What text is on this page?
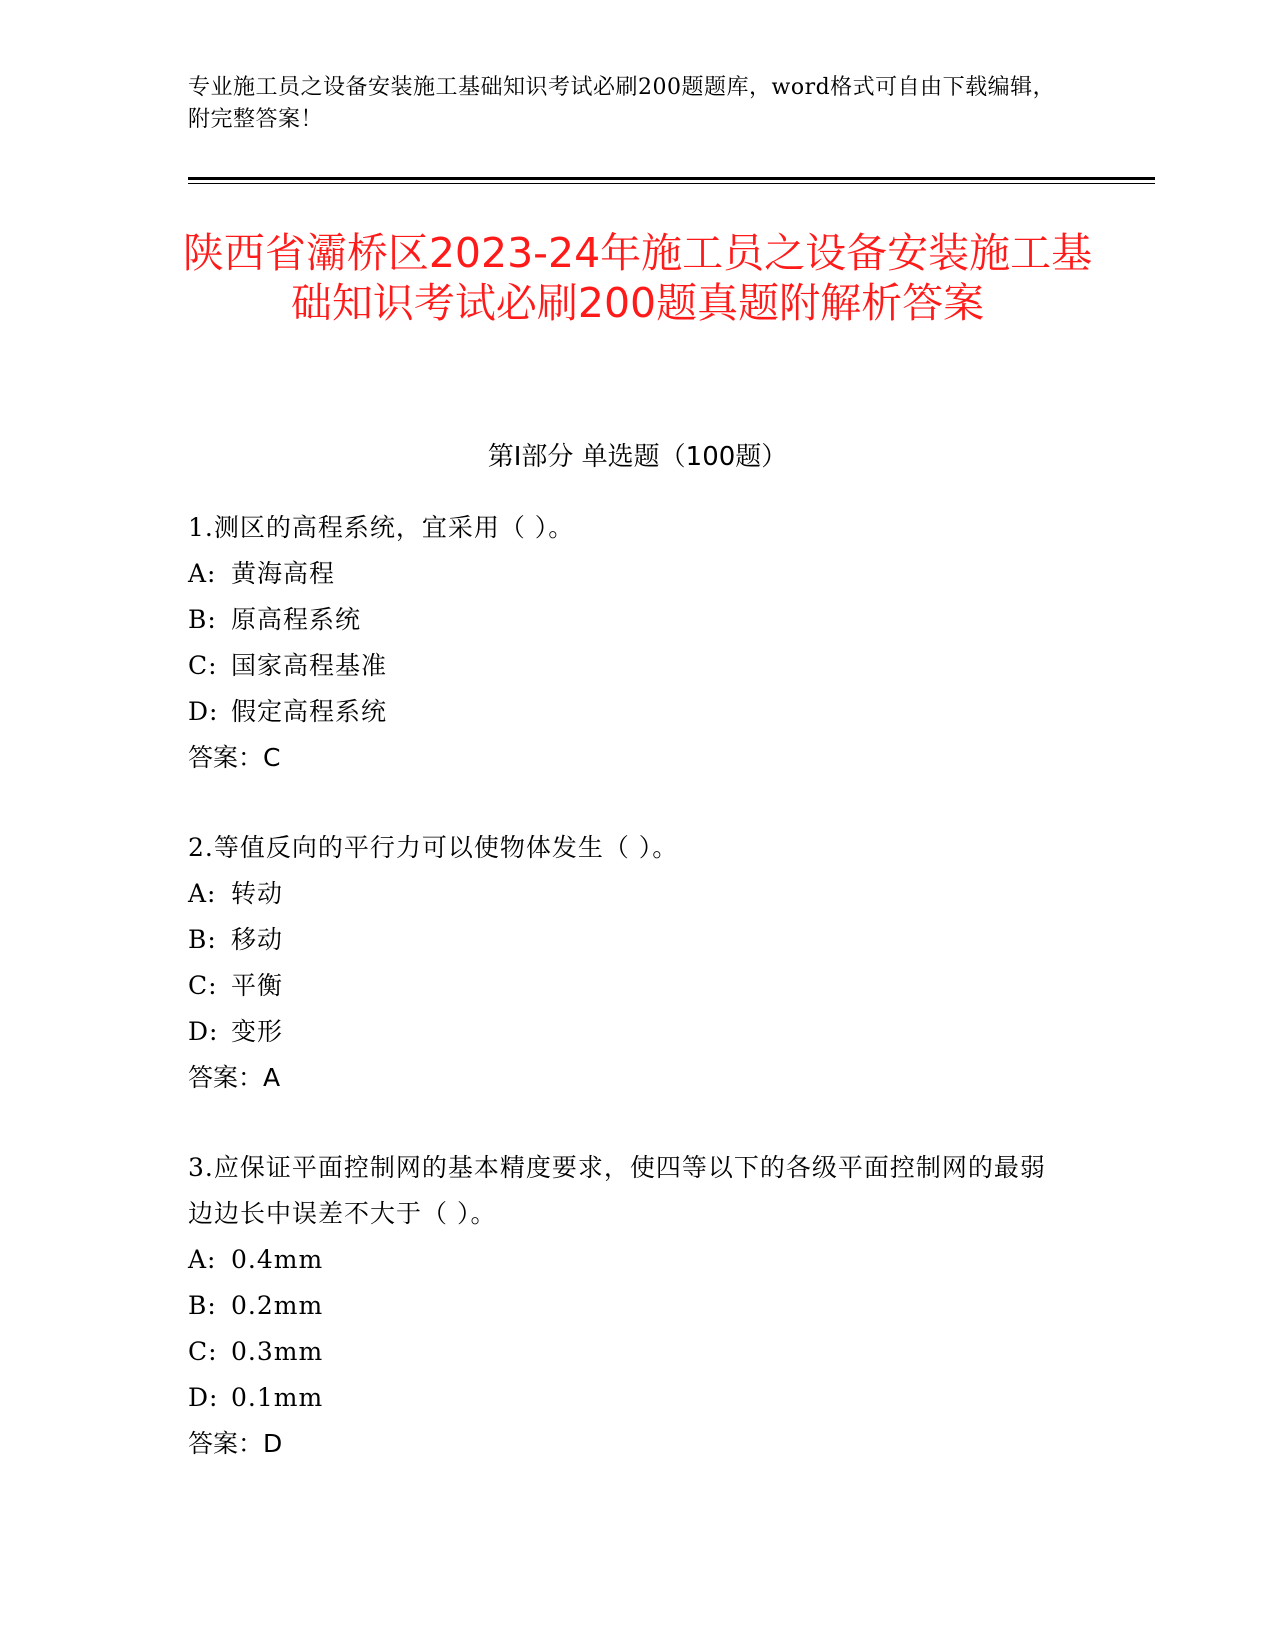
专业施工员之设备安装施工基础知识考试必刷200题题库，word格式可自由下载编辑，附完整答案！
陕西省灞桥区2023-24年施工员之设备安装施工基础知识考试必刷200题真题附解析答案
第Ⅰ部分 单选题（100题）
1.测区的高程系统，宜采用（ ）。
A: 黄海高程
B: 原高程系统
C: 国家高程基准
D: 假定高程系统
答案：C
2.等值反向的平行力可以使物体发生（ ）。
A: 转动
B: 移动
C: 平衡
D: 变形
答案：A
3.应保证平面控制网的基本精度要求，使四等以下的各级平面控制网的最弱边边长中误差不大于（ ）。
A: 0.4mm
B: 0.2mm
C: 0.3mm
D: 0.1mm
答案：D
